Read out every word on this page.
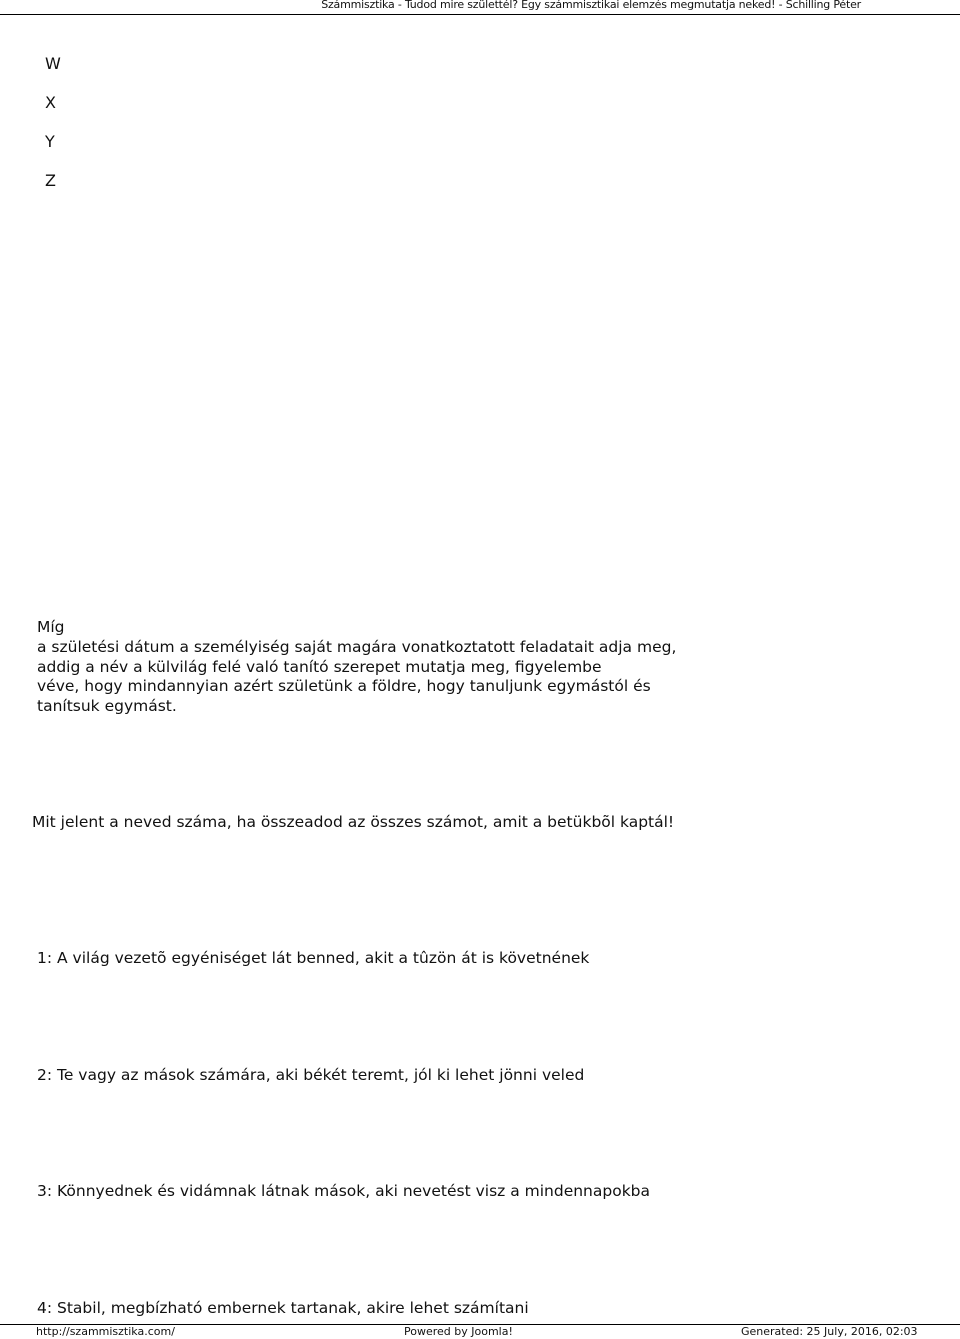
Számmisztika - Tudod mire születtél? Egy számmisztikai elemzés megmutatja neked! - Schilling Péter
W
X
Y
Z
Míg
a születési dátum a személyiség saját magára vonatkoztatott feladatait adja meg,
addig a név a külvilág felé való tanító szerepet mutatja meg, figyelembe
véve, hogy mindannyian azért születünk a földre, hogy tanuljunk egymástól és
tanítsuk egymást.
Mit jelent a neved száma, ha összeadod az összes számot, amit a betükbõl kaptál!
1: A világ vezetõ egyéniséget lát benned, akit a tûzön át is követnének
2: Te vagy az mások számára, aki békét teremt, jól ki lehet jönni veled
3: Könnyednek és vidámnak látnak mások, aki nevetést visz a mindennapokba
4: Stabil, megbízható embernek tartanak, akire lehet számítani
http://szammisztika.com/	Powered by Joomla!	Generated: 25 July, 2016, 02:03
